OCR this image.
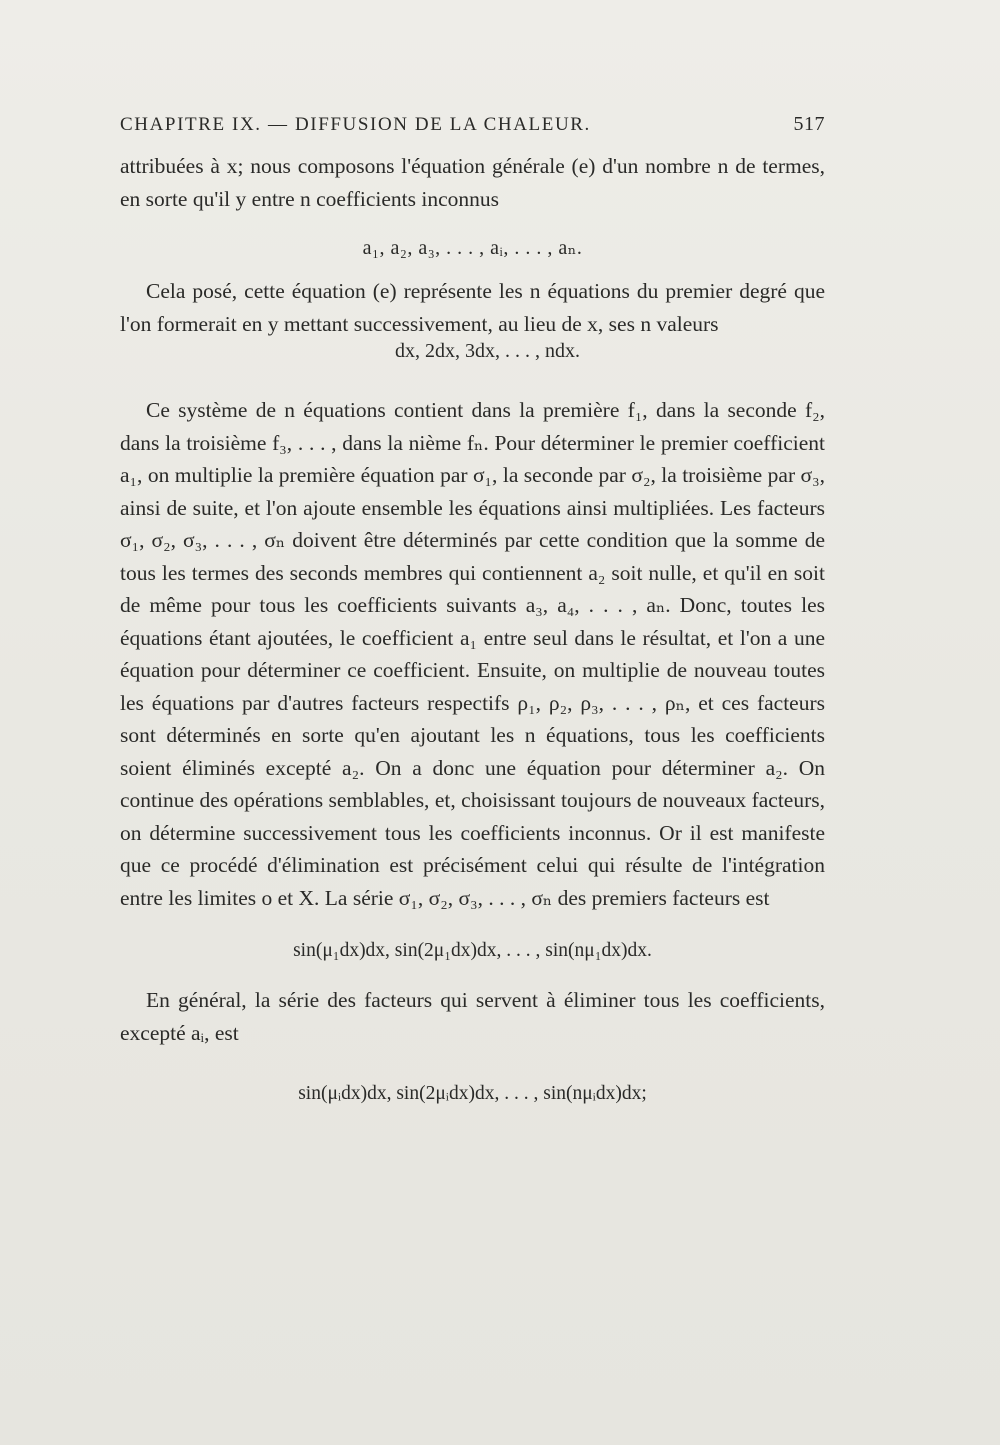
CHAPITRE IX. — DIFFUSION DE LA CHALEUR.	517

attribuées à x; nous composons l'équation générale (e) d'un nombre n de termes, en sorte qu'il y entre n coefficients inconnus

a₁, a₂, a₃, . . . , aᵢ, . . . , aₙ.

Cela posé, cette équation (e) représente les n équations du premier degré que l'on formerait en y mettant successivement, au lieu de x, ses n valeurs

dx, 2dx, 3dx, . . . , ndx.

Ce système de n équations contient dans la première f₁, dans la seconde f₂, dans la troisième f₃, . . . , dans la nième fₙ. Pour déterminer le premier coefficient a₁, on multiplie la première équation par σ₁, la seconde par σ₂, la troisième par σ₃, ainsi de suite, et l'on ajoute ensemble les équations ainsi multipliées. Les facteurs σ₁, σ₂, σ₃, . . . , σₙ doivent être déterminés par cette condition que la somme de tous les termes des seconds membres qui contiennent a₂ soit nulle, et qu'il en soit de même pour tous les coefficients suivants a₃, a₄, . . . , aₙ. Donc, toutes les équations étant ajoutées, le coefficient a₁ entre seul dans le résultat, et l'on a une équation pour déterminer ce coefficient. Ensuite, on multiplie de nouveau toutes les équations par d'autres facteurs respectifs ρ₁, ρ₂, ρ₃, . . . , ρₙ, et ces facteurs sont déterminés en sorte qu'en ajoutant les n équations, tous les coefficients soient éliminés excepté a₂. On a donc une équation pour déterminer a₂. On continue des opérations semblables, et, choisissant toujours de nouveaux facteurs, on détermine successivement tous les coefficients inconnus. Or il est manifeste que ce procédé d'élimination est précisément celui qui résulte de l'intégration entre les limites o et X. La série σ₁, σ₂, σ₃, . . . , σₙ des premiers facteurs est

sin(μ₁dx)dx, sin(2μ₁dx)dx, . . . , sin(nμ₁dx)dx.

En général, la série des facteurs qui servent à éliminer tous les coefficients, excepté aᵢ, est

sin(μᵢdx)dx, sin(2μᵢdx)dx, . . . , sin(nμᵢdx)dx;
